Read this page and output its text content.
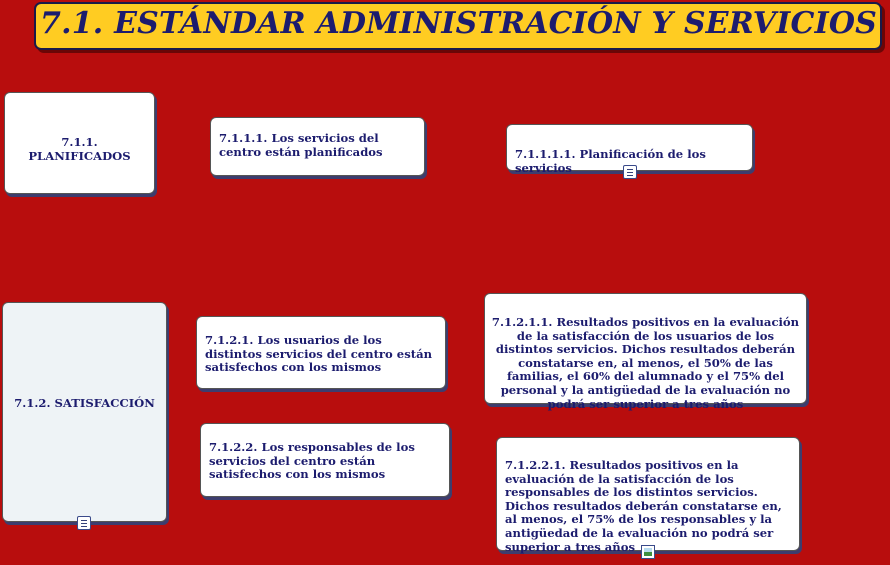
7.1. ESTÁNDAR ADMINISTRACIÓN Y SERVICIOS
7.1.1. PLANIFICADOS
7.1.1.1. Los servicios del centro están planificados	7.1.1.1.1. Planificación de los servicios
7.1.2. SATISFACCIÓN
7.1.2.1. Los usuarios de los distintos servicios del centro están satisfechos con los mismos
7.1.2.1.1. Resultados positivos en la evaluación de la satisfacción de los usuarios de los distintos servicios. Dichos resultados deberán constatarse en, al menos, el 50% de las familias, el 60% del alumnado y el 75% del personal y la antigüedad de la evaluación no podrá ser superior a tres años
7.1.2.2. Los responsables de los servicios del centro están satisfechos con los mismos
7.1.2.2.1. Resultados positivos en la evaluación de la satisfacción de los responsables de los distintos servicios. Dichos resultados deberán constatarse en, al menos, el 75% de los responsables y la antigüedad de la evaluación no podrá ser superior a tres años
